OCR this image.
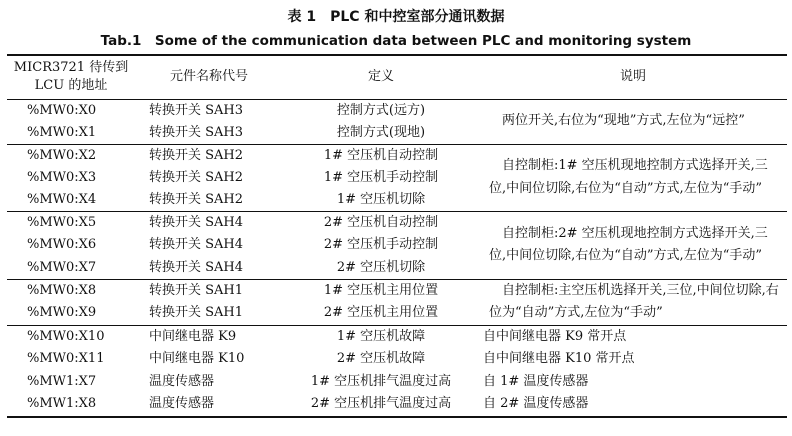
表 1　PLC 和中控室部分通讯数据
Tab.1　Some of the communication data between PLC and monitoring system
MICR3721 待传到 LCU 的地址	元件名称代号	定义	说明
%MW0:X0	转换开关 SAH3	控制方式(远方)	两位开关,右位为“现地”方式,左位为“远控”
%MW0:X1	转换开关 SAH3	控制方式(现地)	
%MW0:X2	转换开关 SAH2	1# 空压机自动控制	自控制柜:1# 空压机现地控制方式选择开关,三位,中间位切除,右位为“自动”方式,左位为“手动”
%MW0:X3	转换开关 SAH2	1# 空压机手动控制	
%MW0:X4	转换开关 SAH2	1# 空压机切除	
%MW0:X5	转换开关 SAH4	2# 空压机自动控制	自控制柜:2# 空压机现地控制方式选择开关,三位,中间位切除,右位为“自动”方式,左位为“手动”
%MW0:X6	转换开关 SAH4	2# 空压机手动控制	
%MW0:X7	转换开关 SAH4	2# 空压机切除	
%MW0:X8	转换开关 SAH1	1# 空压机主用位置	自控制柜:主空压机选择开关,三位,中间位切除,右位为“自动”方式,左位为“手动”
%MW0:X9	转换开关 SAH1	2# 空压机主用位置	
%MW0:X10	中间继电器 K9	1# 空压机故障	自中间继电器 K9 常开点
%MW0:X11	中间继电器 K10	2# 空压机故障	自中间继电器 K10 常开点
%MW1:X7	温度传感器	1# 空压机排气温度过高	自 1# 温度传感器
%MW1:X8	温度传感器	2# 空压机排气温度过高	自 2# 温度传感器
